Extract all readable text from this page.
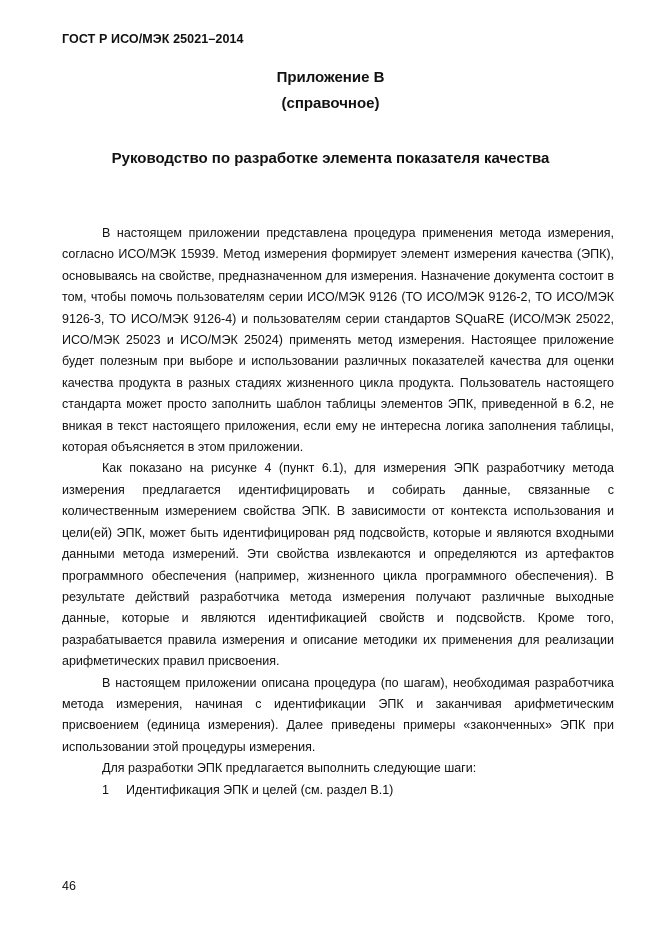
ГОСТ Р ИСО/МЭК 25021–2014
Приложение В
(справочное)
Руководство по разработке элемента показателя качества

В настоящем приложении представлена процедура применения метода измерения, согласно ИСО/МЭК 15939. Метод измерения формирует элемент измерения качества (ЭПК), основываясь на свойстве, предназначенном для измерения. Назначение документа состоит в том, чтобы помочь пользователям серии ИСО/МЭК 9126 (ТО ИСО/МЭК 9126-2, ТО ИСО/МЭК 9126-3, ТО ИСО/МЭК 9126-4) и пользователям серии стандартов SQuaRE (ИСО/МЭК 25022, ИСО/МЭК 25023 и ИСО/МЭК 25024) применять метод измерения. Настоящее приложение будет полезным при выборе и использовании различных показателей качества для оценки качества продукта в разных стадиях жизненного цикла продукта. Пользователь настоящего стандарта может просто заполнить шаблон таблицы элементов ЭПК, приведенной в 6.2, не вникая в текст настоящего приложения, если ему не интересна логика заполнения таблицы, которая объясняется в этом приложении.

Как показано на рисунке 4 (пункт 6.1), для измерения ЭПК разработчику метода измерения предлагается идентифицировать и собирать данные, связанные с количественным измерением свойства ЭПК. В зависимости от контекста использования и цели(ей) ЭПК, может быть идентифицирован ряд подсвойств, которые и являются входными данными метода измерений. Эти свойства извлекаются и определяются из артефактов программного обеспечения (например, жизненного цикла программного обеспечения). В результате действий разработчика метода измерения получают различные выходные данные, которые и являются идентификацией свойств и подсвойств. Кроме того, разрабатывается правила измерения и описание методики их применения для реализации арифметических правил присвоения.

В настоящем приложении описана процедура (по шагам), необходимая разработчика метода измерения, начиная с идентификации ЭПК и заканчивая арифметическим присвоением (единица измерения). Далее приведены примеры «законченных» ЭПК при использовании этой процедуры измерения.

Для разработки ЭПК предлагается выполнить следующие шаги:

1 Идентификация ЭПК и целей (см. раздел В.1)

46
